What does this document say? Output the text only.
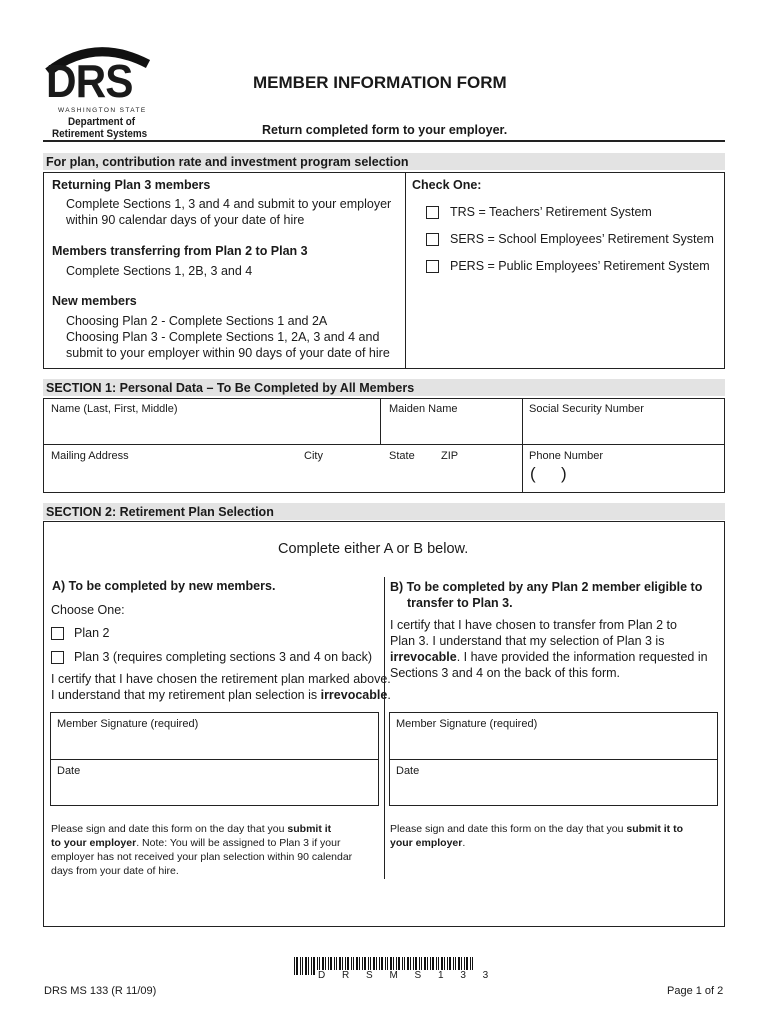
DRS
WASHINGTON STATE
Department of
Retirement Systems
MEMBER INFORMATION FORM
Return completed form to your employer.
For plan, contribution rate and investment program selection
Returning Plan 3 members
Complete Sections 1, 3 and 4 and submit to your employer
within 90 calendar days of your date of hire
Members transferring from Plan 2 to Plan 3
Complete Sections 1, 2B, 3 and 4
New members
Choosing Plan 2 - Complete Sections 1 and 2A
Choosing Plan 3 - Complete Sections 1, 2A, 3 and 4 and
submit to your employer within 90 days of your date of hire
Check One:
TRS = Teachers’ Retirement System
SERS = School Employees’ Retirement System
PERS = Public Employees’ Retirement System
SECTION 1: Personal Data – To Be Completed by All Members
Name (Last, First, Middle)	Maiden Name	Social Security Number
Mailing Address	City	State ZIP	Phone Number
( )
SECTION 2: Retirement Plan Selection
Complete either A or B below.
A) To be completed by new members.
Choose One:
Plan 2
Plan 3 (requires completing sections 3 and 4 on back)
I certify that I have chosen the retirement plan marked above.
I understand that my retirement plan selection is irrevocable.
Member Signature (required)
Date
Please sign and date this form on the day that you submit it
to your employer. Note: You will be assigned to Plan 3 if your
employer has not received your plan selection within 90 calendar
days from your date of hire.
B) To be completed by any Plan 2 member eligible to
transfer to Plan 3.
I certify that I have chosen to transfer from Plan 2 to
Plan 3. I understand that my selection of Plan 3 is
irrevocable. I have provided the information requested in
Sections 3 and 4 on the back of this form.
Member Signature (required)
Date
Please sign and date this form on the day that you submit it to
your employer.
D R S M S 1 3 3
DRS MS 133 (R 11/09)	Page 1 of 2
